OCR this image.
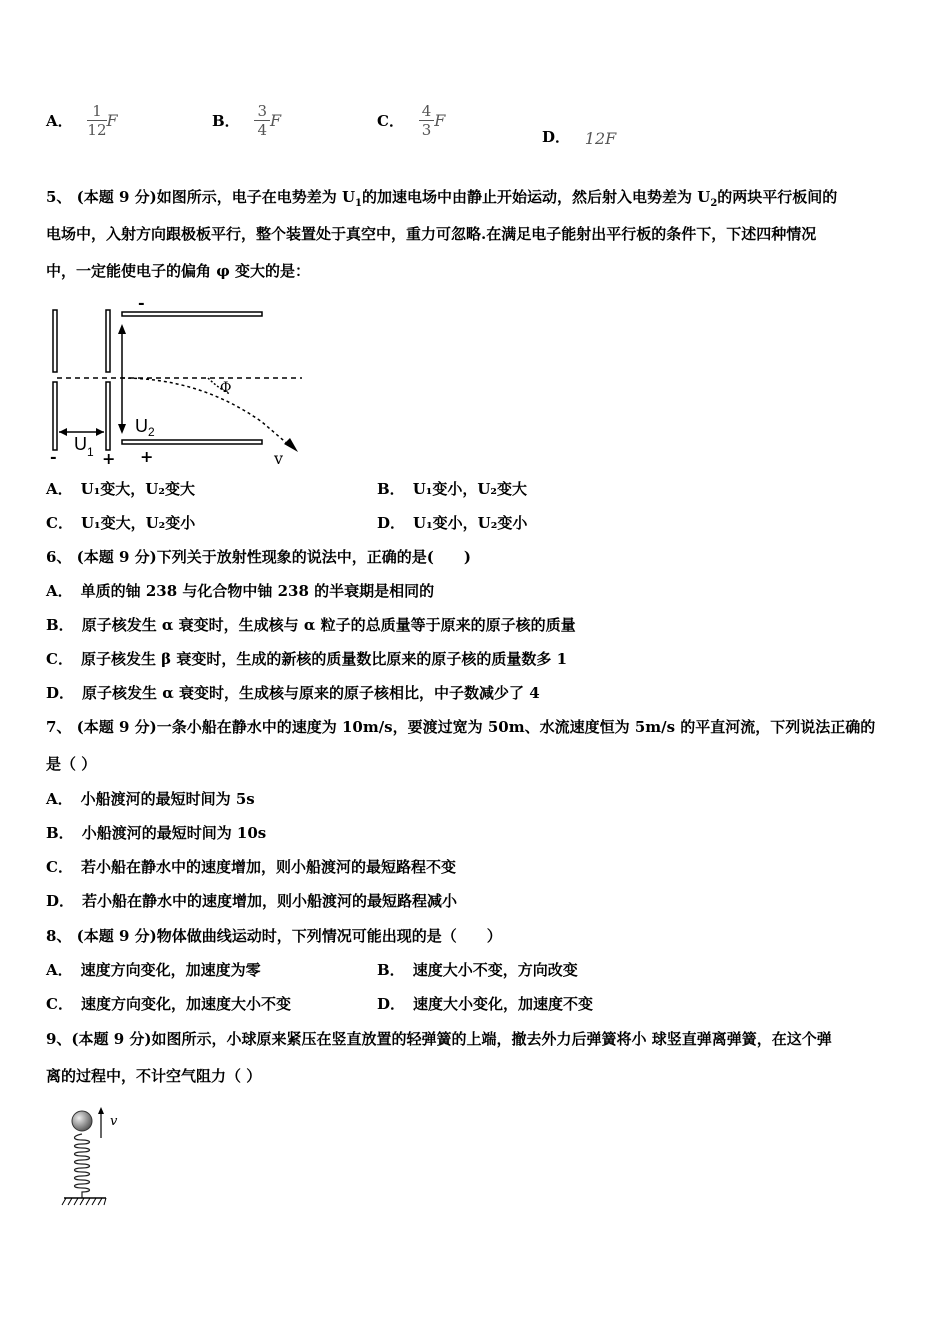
A． $\frac{1}{12}$ F	B． $\frac{3}{4}$ F	C． $\frac{4}{3}$ F
D． 12F
5、 (本题 9 分)如图所示，电子在电势差为 $U_1$的加速电场中由静止开始运动，然后射入电势差为 $U_2$的两块平行板间的
电场中，入射方向跟极板平行，整个装置处于真空中，重力可忽略.在满足电子能射出平行板的条件下，下述四种情况
中，一定能使电子的偏角 φ 变大的是：
-
Φ
$U_2$
$U_1$
-	+ +	v
A． U₁变大，U₂变大	B． U₁变小，U₂变大
C． U₁变大，U₂变小	D． U₁变小，U₂变小
6、 (本题 9 分)下列关于放射性现象的说法中，正确的是(　　)
A． 单质的铀 238 与化合物中铀 238 的半衰期是相同的
B． 原子核发生 α 衰变时，生成核与 α 粒子的总质量等于原来的原子核的质量
C． 原子核发生 β 衰变时，生成的新核的质量数比原来的原子核的质量数多 1
D． 原子核发生 α 衰变时，生成核与原来的原子核相比，中子数减少了 4
7、 (本题 9 分)一条小船在静水中的速度为 10m/s，要渡过宽为 50m、水流速度恒为 5m/s 的平直河流，下列说法正确的
是（ ）
A． 小船渡河的最短时间为 5s
B． 小船渡河的最短时间为 10s
C． 若小船在静水中的速度增加，则小船渡河的最短路程不变
D． 若小船在静水中的速度增加，则小船渡河的最短路程减小
8、 (本题 9 分)物体做曲线运动时，下列情况可能出现的是（　　）
A． 速度方向变化，加速度为零	B． 速度大小不变，方向改变
C． 速度方向变化，加速度大小不变	D． 速度大小变化，加速度不变
9、(本题 9 分)如图所示，小球原来紧压在竖直放置的轻弹簧的上端，撤去外力后弹簧将小 球竖直弹离弹簧，在这个弹
离的过程中，不计空气阻力（ ）
v
